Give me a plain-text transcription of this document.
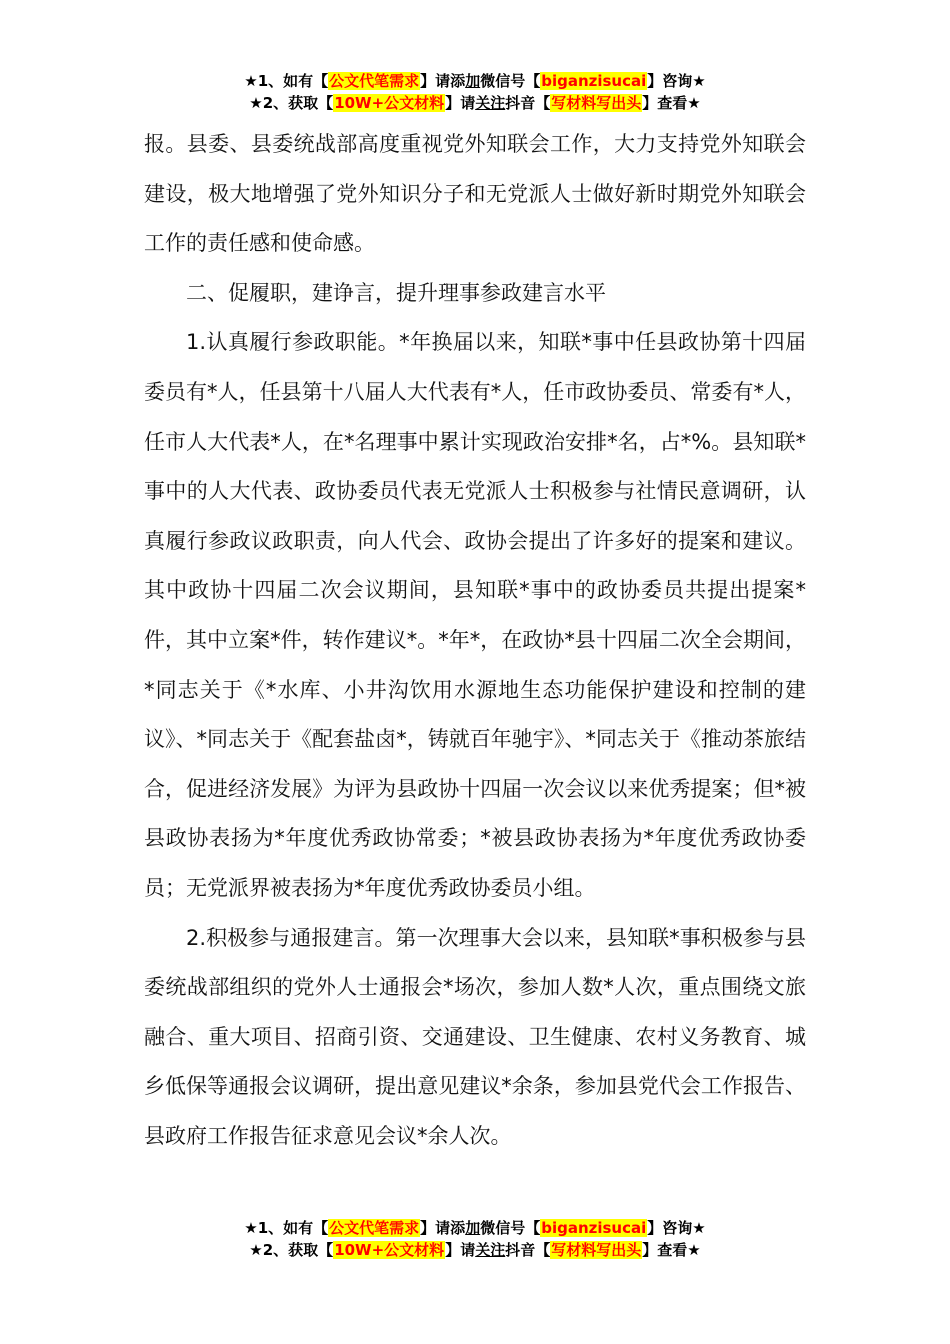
★1、如有【公文代笔需求】请添加微信号【biganzisucai】咨询★
★2、获取【10W+公文材料】请关注抖音【写材料写出头】查看★

报。县委、县委统战部高度重视党外知联会工作，大力支持党外知联会建设，极大地增强了党外知识分子和无党派人士做好新时期党外知联会工作的责任感和使命感。

二、促履职，建诤言，提升理事参政建言水平

1.认真履行参政职能。*年换届以来，知联*事中任县政协第十四届委员有*人，任县第十八届人大代表有*人，任市政协委员、常委有*人，任市人大代表*人，在*名理事中累计实现政治安排*名，占*%。县知联*事中的人大代表、政协委员代表无党派人士积极参与社情民意调研，认真履行参政议政职责，向人代会、政协会提出了许多好的提案和建议。其中政协十四届二次会议期间，县知联*事中的政协委员共提出提案*件，其中立案*件，转作建议*。*年*，在政协*县十四届二次全会期间，*同志关于《*水库、小井沟饮用水源地生态功能保护建设和控制的建议》、*同志关于《配套盐卤*，铸就百年驰宇》、*同志关于《推动茶旅结合，促进经济发展》为评为县政协十四届一次会议以来优秀提案；但*被县政协表扬为*年度优秀政协常委；*被县政协表扬为*年度优秀政协委员；无党派界被表扬为*年度优秀政协委员小组。

2.积极参与通报建言。第一次理事大会以来，县知联*事积极参与县委统战部组织的党外人士通报会*场次，参加人数*人次，重点围绕文旅融合、重大项目、招商引资、交通建设、卫生健康、农村义务教育、城乡低保等通报会议调研，提出意见建议*余条，参加县党代会工作报告、县政府工作报告征求意见会议*余人次。

★1、如有【公文代笔需求】请添加微信号【biganzisucai】咨询★
★2、获取【10W+公文材料】请关注抖音【写材料写出头】查看★
